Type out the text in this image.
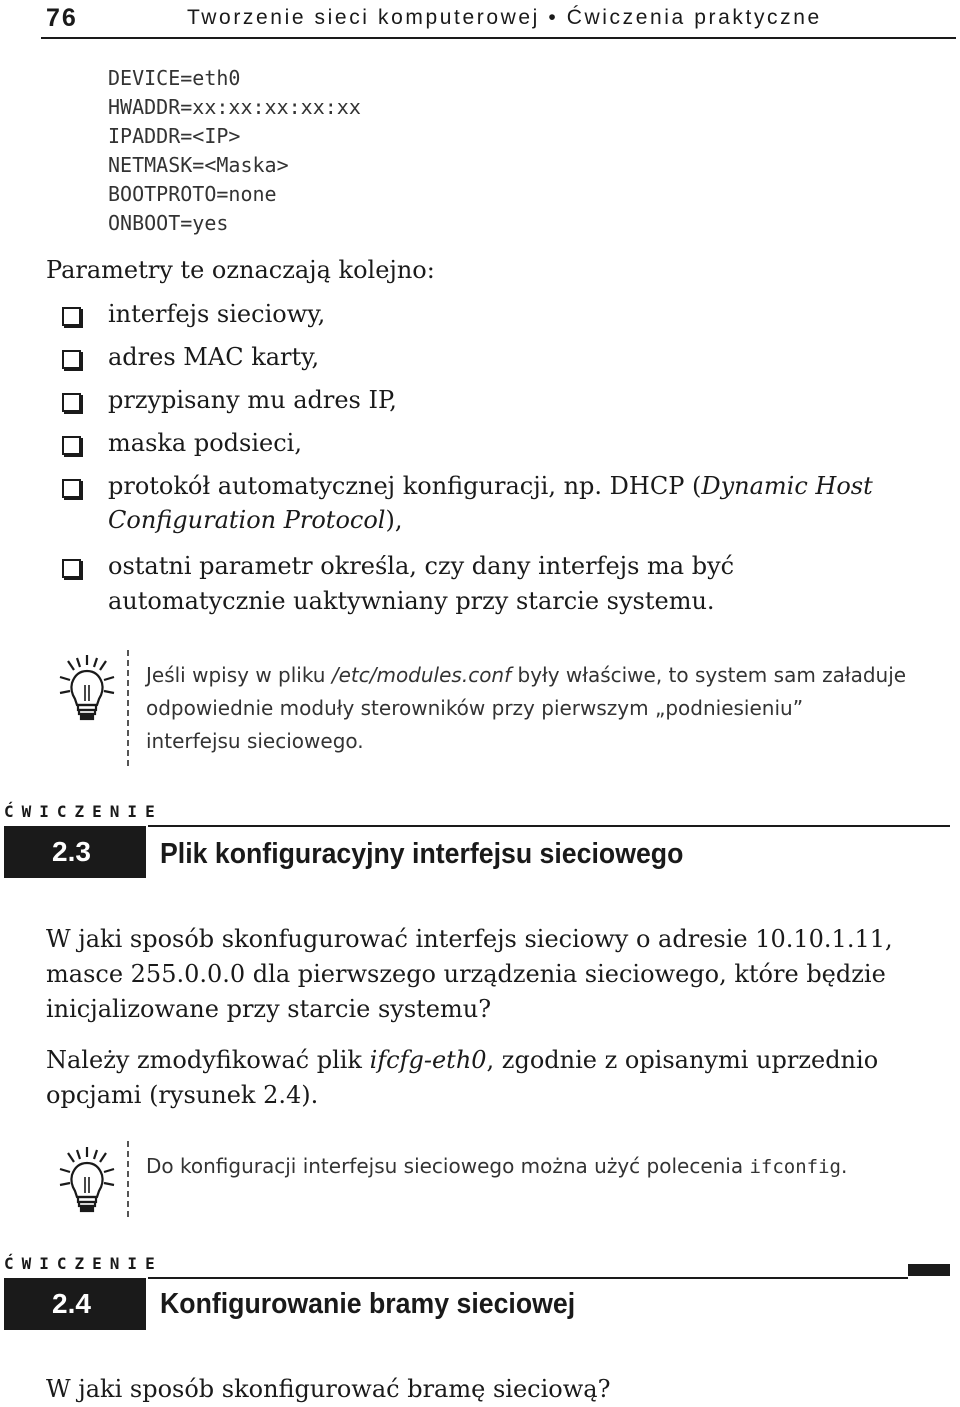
76	Tworzenie sieci komputerowej • Ćwiczenia praktyczne
DEVICE=eth0
HWADDR=xx:xx:xx:xx:xx
IPADDR=<IP>
NETMASK=<Maska>
BOOTPROTO=none
ONBOOT=yes
Parametry te oznaczają kolejno:
interfejs sieciowy,
adres MAC karty,
przypisany mu adres IP,
maska podsieci,
protokół automatycznej konfiguracji, np. DHCP (Dynamic Host
Configuration Protocol),
ostatni parametr określa, czy dany interfejs ma być
automatycznie uaktywniany przy starcie systemu.
Jeśli wpisy w pliku /etc/modules.conf były właściwe, to system sam załaduje
odpowiednie moduły sterowników przy pierwszym „podniesieniu”
interfejsu sieciowego.
ĆWICZENIE
2.3 Plik konfiguracyjny interfejsu sieciowego
W jaki sposób skonfugurować interfejs sieciowy o adresie 10.10.1.11,
masce 255.0.0.0 dla pierwszego urządzenia sieciowego, które będzie
inicjalizowane przy starcie systemu?
Należy zmodyfikować plik ifcfg-eth0, zgodnie z opisanymi uprzednio
opcjami (rysunek 2.4).
Do konfiguracji interfejsu sieciowego można użyć polecenia ifconfig.
ĆWICZENIE
2.4 Konfigurowanie bramy sieciowej
W jaki sposób skonfigurować bramę sieciową?
